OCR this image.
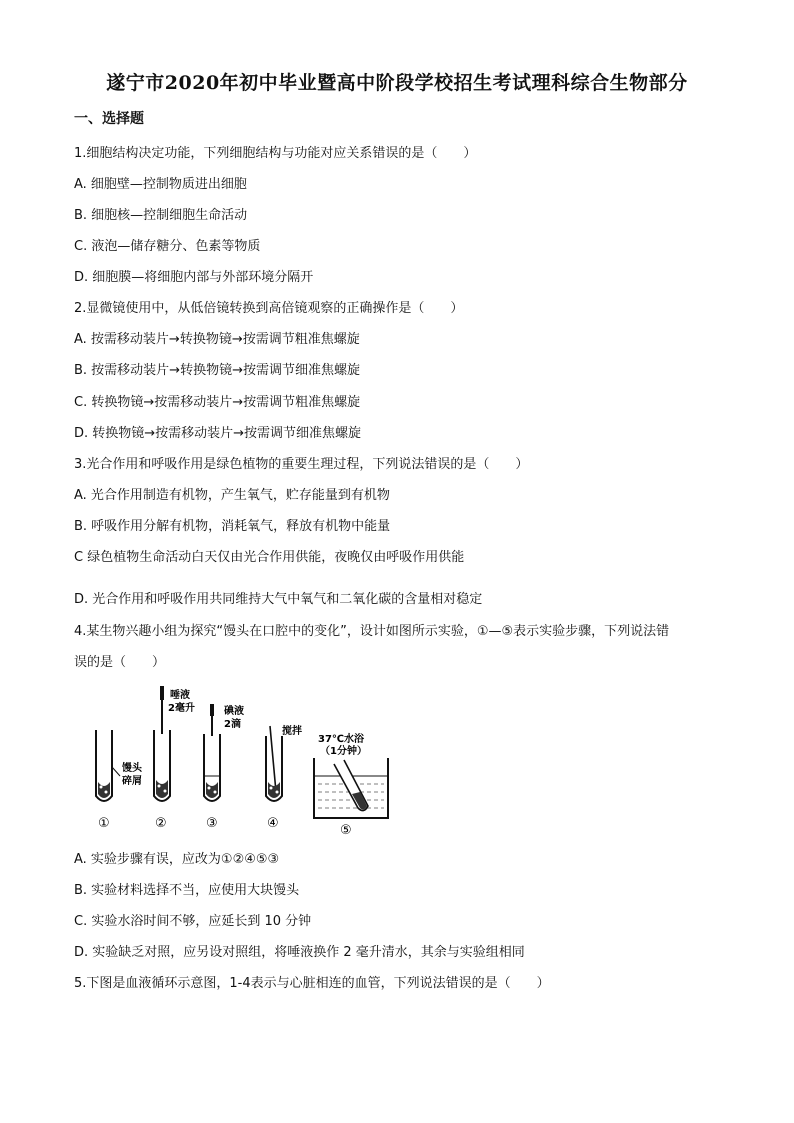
遂宁市2020年初中毕业暨高中阶段学校招生考试理科综合生物部分
一、选择题
1.细胞结构决定功能，下列细胞结构与功能对应关系错误的是（　　）
A. 细胞壁—控制物质进出细胞
B. 细胞核—控制细胞生命活动
C. 液泡—储存糖分、色素等物质
D. 细胞膜—将细胞内部与外部环境分隔开
2.显微镜使用中，从低倍镜转换到高倍镜观察的正确操作是（　　）
A. 按需移动装片→转换物镜→按需调节粗准焦螺旋
B. 按需移动装片→转换物镜→按需调节细准焦螺旋
C. 转换物镜→按需移动装片→按需调节粗准焦螺旋
D. 转换物镜→按需移动装片→按需调节细准焦螺旋
3.光合作用和呼吸作用是绿色植物的重要生理过程，下列说法错误的是（　　）
A. 光合作用制造有机物，产生氧气，贮存能量到有机物
B. 呼吸作用分解有机物，消耗氧气，释放有机物中能量
C 绿色植物生命活动白天仅由光合作用供能，夜晚仅由呼吸作用供能
D. 光合作用和呼吸作用共同维持大气中氧气和二氧化碳的含量相对稳定
4.某生物兴趣小组为探究“馒头在口腔中的变化”，设计如图所示实验，①—⑤表示实验步骤，下列说法错
误的是（　　）
馒头
碎屑
①
唾液
2毫升
②
碘液
2滴
③
搅拌
④
37℃水浴
（1分钟）
⑤
A. 实验步骤有误，应改为①②④⑤③
B. 实验材料选择不当，应使用大块馒头
C. 实验水浴时间不够，应延长到 10 分钟
D. 实验缺乏对照，应另设对照组，将唾液换作 2 毫升清水，其余与实验组相同
5.下图是血液循环示意图，1-4表示与心脏相连的血管，下列说法错误的是（　　）
